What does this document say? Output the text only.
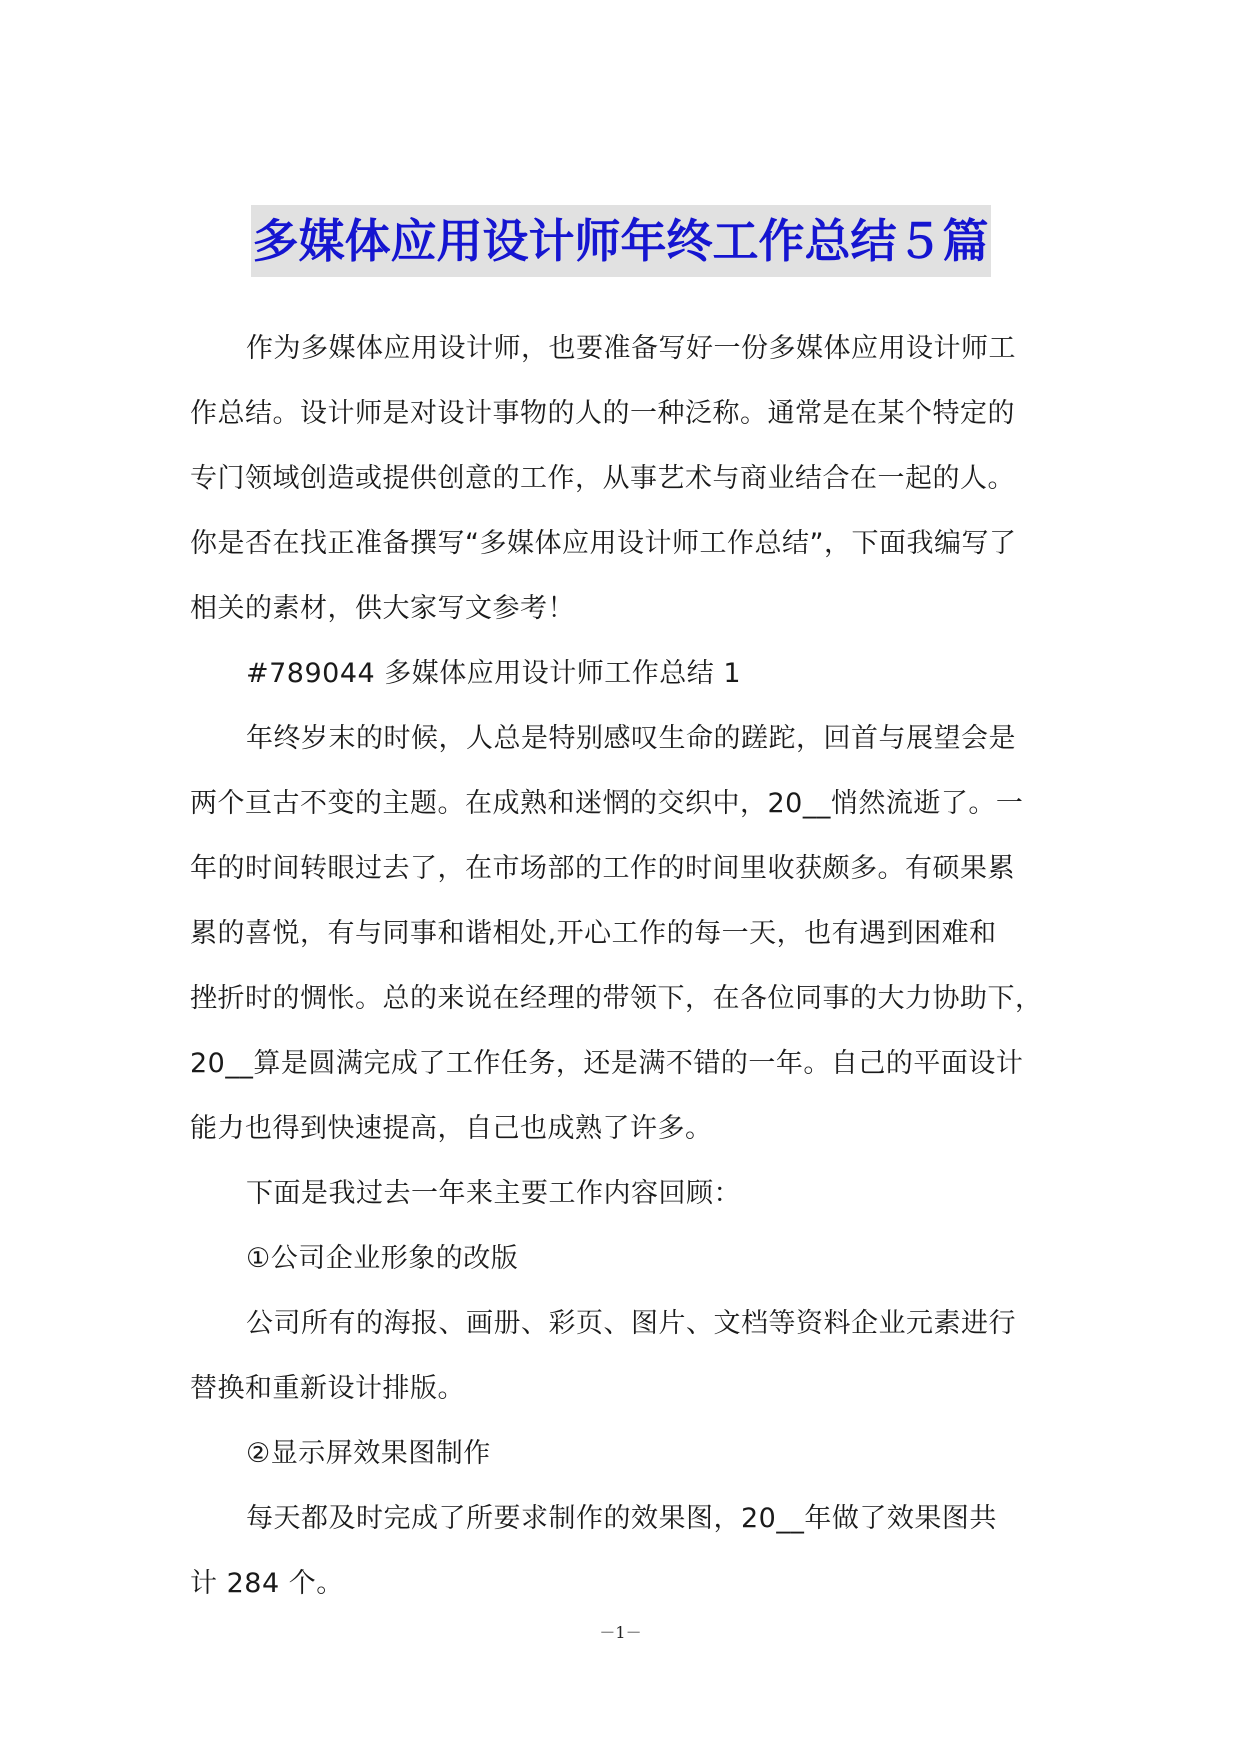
多媒体应用设计师年终工作总结５篇
作为多媒体应用设计师，也要准备写好一份多媒体应用设计师工
作总结。设计师是对设计事物的人的一种泛称。通常是在某个特定的
专门领域创造或提供创意的工作，从事艺术与商业结合在一起的人。
你是否在找正准备撰写“多媒体应用设计师工作总结”，下面我编写了
相关的素材，供大家写文参考！
#789044 多媒体应用设计师工作总结 1
年终岁末的时候，人总是特别感叹生命的蹉跎，回首与展望会是
两个亘古不变的主题。在成熟和迷惘的交织中，20__悄然流逝了。一
年的时间转眼过去了，在市场部的工作的时间里收获颇多。有硕果累
累的喜悦，有与同事和谐相处,开心工作的每一天，也有遇到困难和
挫折时的惆怅。总的来说在经理的带领下，在各位同事的大力协助下，
20__算是圆满完成了工作任务，还是满不错的一年。自己的平面设计
能力也得到快速提高，自己也成熟了许多。
下面是我过去一年来主要工作内容回顾：
①公司企业形象的改版
公司所有的海报、画册、彩页、图片、文档等资料企业元素进行
替换和重新设计排版。
②显示屏效果图制作
每天都及时完成了所要求制作的效果图，20__年做了效果图共
计 284 个。
－1－
